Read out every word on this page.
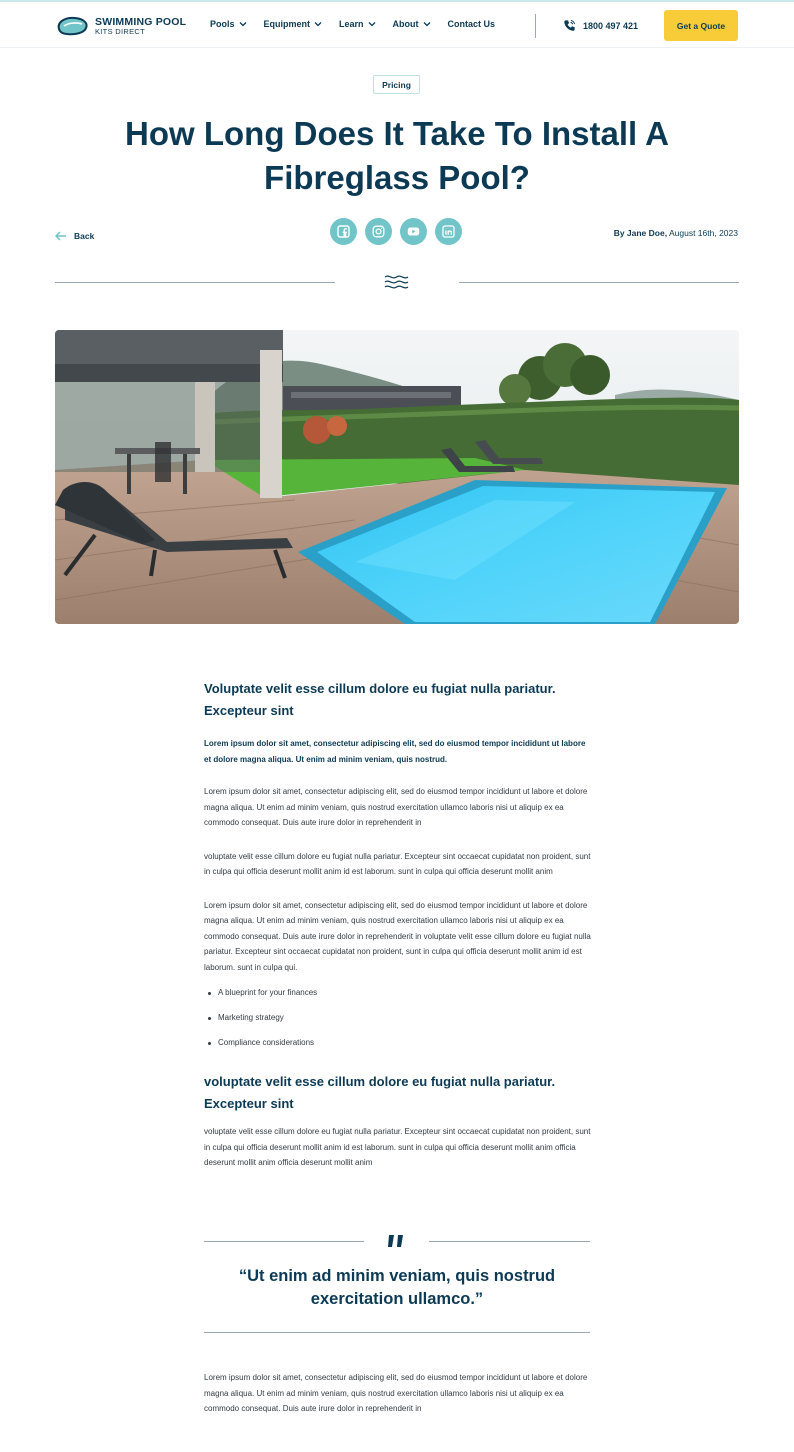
SWIMMING POOL
KITS DIRECT
Pools	Equipment	Learn	About	Contact Us	1800 497 421	Get a Quote
Pricing
How Long Does It Take To Install A Fibreglass Pool?
Back	By Jane Doe, August 16th, 2023
Voluptate velit esse cillum dolore eu fugiat nulla pariatur. Excepteur sint

Lorem ipsum dolor sit amet, consectetur adipiscing elit, sed do eiusmod tempor incididunt ut labore et dolore magna aliqua. Ut enim ad minim veniam, quis nostrud.

Lorem ipsum dolor sit amet, consectetur adipiscing elit, sed do eiusmod tempor incididunt ut labore et dolore magna aliqua. Ut enim ad minim veniam, quis nostrud exercitation ullamco laboris nisi ut aliquip ex ea commodo consequat. Duis aute irure dolor in reprehenderit in

voluptate velit esse cillum dolore eu fugiat nulla pariatur. Excepteur sint occaecat cupidatat non proident, sunt in culpa qui officia deserunt mollit anim id est laborum. sunt in culpa qui officia deserunt mollit anim

Lorem ipsum dolor sit amet, consectetur adipiscing elit, sed do eiusmod tempor incididunt ut labore et dolore magna aliqua. Ut enim ad minim veniam, quis nostrud exercitation ullamco laboris nisi ut aliquip ex ea commodo consequat. Duis aute irure dolor in reprehenderit in voluptate velit esse cillum dolore eu fugiat nulla pariatur. Excepteur sint occaecat cupidatat non proident, sunt in culpa qui officia deserunt mollit anim id est laborum. sunt in culpa qui.

A blueprint for your finances
Marketing strategy
Compliance considerations
voluptate velit esse cillum dolore eu fugiat nulla pariatur. Excepteur sint

voluptate velit esse cillum dolore eu fugiat nulla pariatur. Excepteur sint occaecat cupidatat non proident, sunt in culpa qui officia deserunt mollit anim id est laborum. sunt in culpa qui officia deserunt mollit anim officia deserunt mollit anim officia deserunt mollit anim

“Ut enim ad minim veniam, quis nostrud exercitation ullamco.”

Lorem ipsum dolor sit amet, consectetur adipiscing elit, sed do eiusmod tempor incididunt ut labore et dolore magna aliqua. Ut enim ad minim veniam, quis nostrud exercitation ullamco laboris nisi ut aliquip ex ea commodo consequat. Duis aute irure dolor in reprehenderit in
